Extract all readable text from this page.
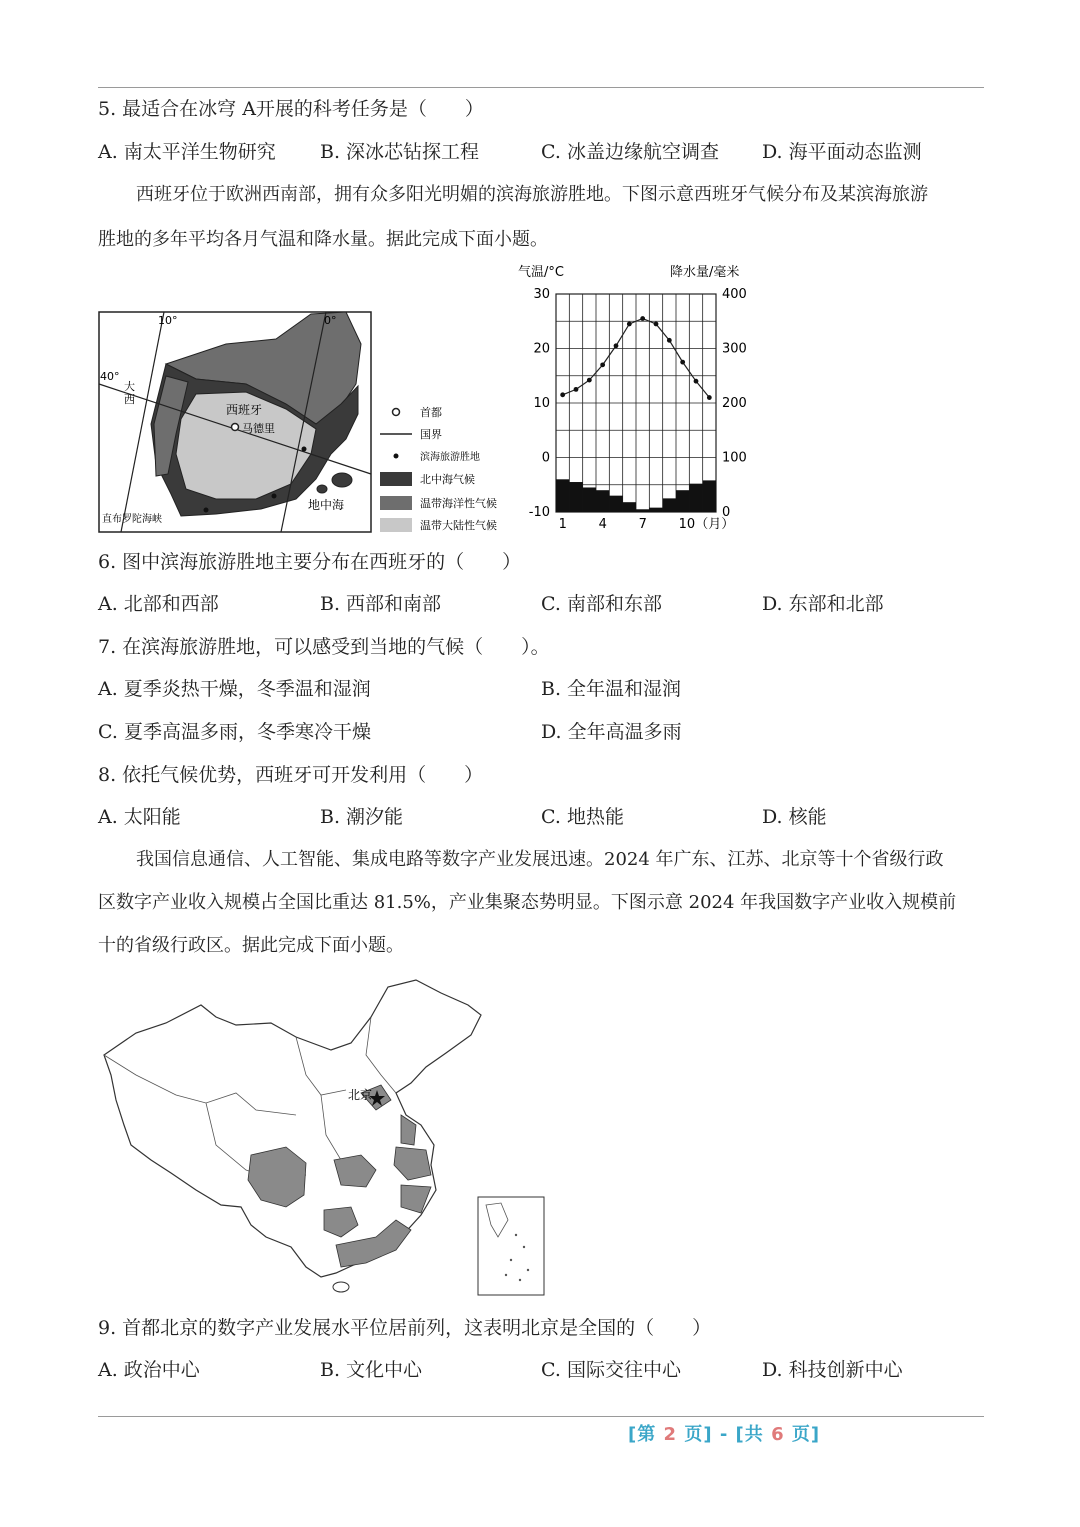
5. 最适合在冰穹 A开展的科考任务是（　　）
A. 南太平洋生物研究 B. 深冰芯钻探工程	C. 冰盖边缘航空调查 D. 海平面动态监测
西班牙位于欧洲西南部，拥有众多阳光明媚的滨海旅游胜地。下图示意西班牙气候分布及某滨海旅游
胜地的多年平均各月气温和降水量。据此完成下面小题。
10°	0°
40°
大
西
西班牙
马德里
直布罗陀海峡
地中海
首都
国界
滨海旅游胜地
北中海气候
温带海洋性气候
温带大陆性气候
气温/°C	降水量/毫米
30
20
10
0
-10
400
300
200
100
0
1 4 7 10（月）
6. 图中滨海旅游胜地主要分布在西班牙的（　　）
A. 北部和西部	B. 西部和南部	C. 南部和东部	D. 东部和北部
7. 在滨海旅游胜地，可以感受到当地的气候（　　）。
A. 夏季炎热干燥，冬季温和湿润	B. 全年温和湿润
C. 夏季高温多雨，冬季寒冷干燥	D. 全年高温多雨
8. 依托气候优势，西班牙可开发利用（　　）
A. 太阳能	B. 潮汐能	C. 地热能	D. 核能
我国信息通信、人工智能、集成电路等数字产业发展迅速。2024 年广东、江苏、北京等十个省级行政
区数字产业收入规模占全国比重达 81.5%，产业集聚态势明显。下图示意 2024 年我国数字产业收入规模前
十的省级行政区。据此完成下面小题。
北京
9. 首都北京的数字产业发展水平位居前列，这表明北京是全国的（　　）
A. 政治中心	B. 文化中心	C. 国际交往中心	D. 科技创新中心
[第 2 页] - [共 6 页]
